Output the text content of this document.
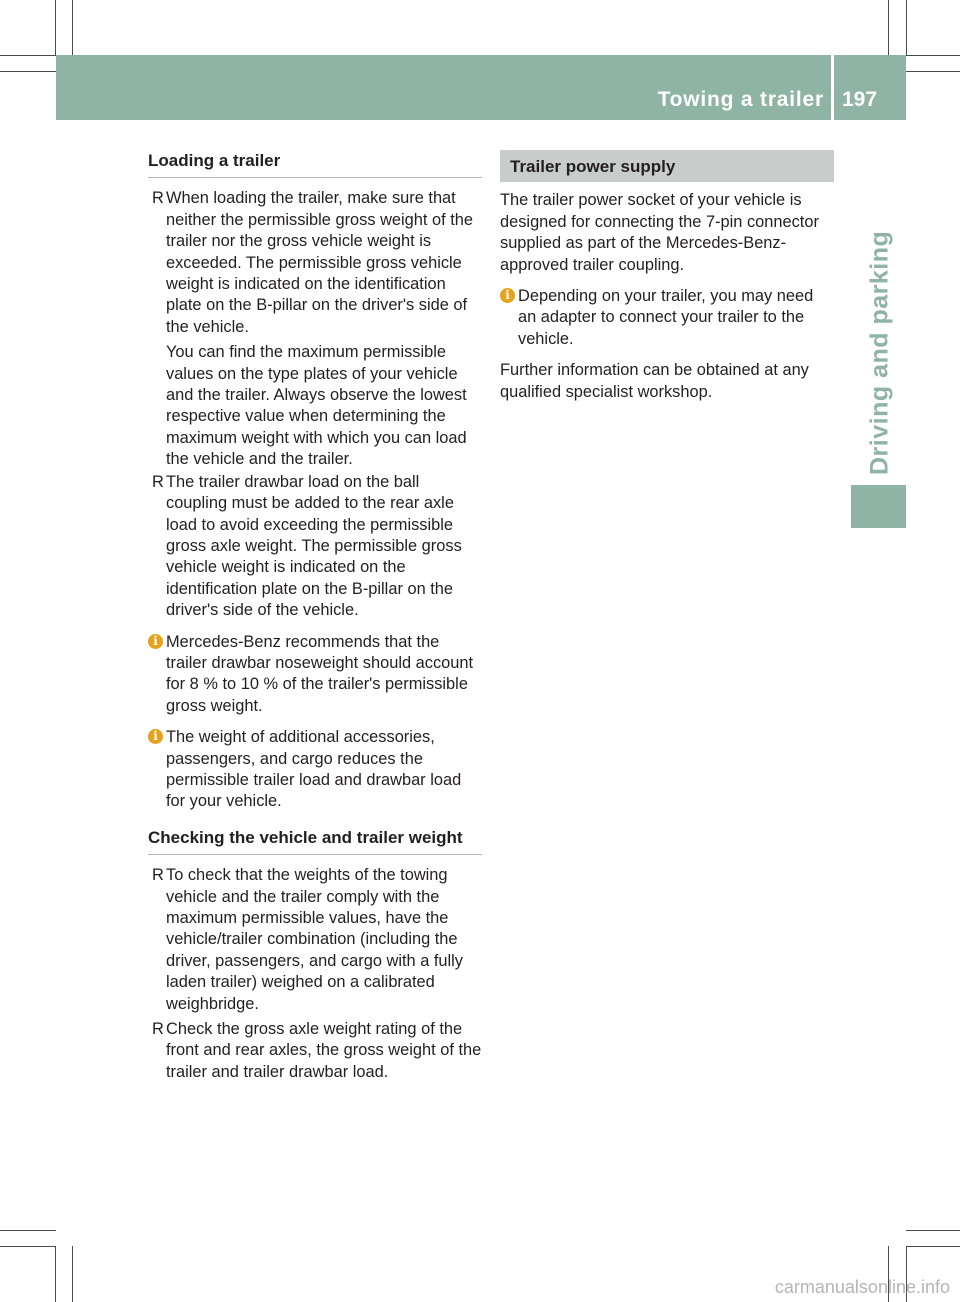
Towing a trailer 197
Driving and parking
Loading a trailer
R When loading the trailer, make sure that neither the permissible gross weight of the trailer nor the gross vehicle weight is exceeded. The permissible gross vehicle weight is indicated on the identification plate on the B-pillar on the driver's side of the vehicle.

You can find the maximum permissible values on the type plates of your vehicle and the trailer. Always observe the lowest respective value when determining the maximum weight with which you can load the vehicle and the trailer.

R The trailer drawbar load on the ball coupling must be added to the rear axle load to avoid exceeding the permissible gross axle weight. The permissible gross vehicle weight is indicated on the identification plate on the B-pillar on the driver's side of the vehicle.

i Mercedes-Benz recommends that the trailer drawbar noseweight should account for 8 % to 10 % of the trailer's permissible gross weight.
i The weight of additional accessories, passengers, and cargo reduces the permissible trailer load and drawbar load for your vehicle.
Checking the vehicle and trailer weight
R To check that the weights of the towing vehicle and the trailer comply with the maximum permissible values, have the vehicle/trailer combination (including the driver, passengers, and cargo with a fully laden trailer) weighed on a calibrated weighbridge.

R Check the gross axle weight rating of the front and rear axles, the gross weight of the trailer and trailer drawbar load.

Trailer power supply

The trailer power socket of your vehicle is designed for connecting the 7-pin connector supplied as part of the Mercedes-Benz-approved trailer coupling.

i Depending on your trailer, you may need an adapter to connect your trailer to the vehicle.

Further information can be obtained at any qualified specialist workshop.

carmanualsonline.info
